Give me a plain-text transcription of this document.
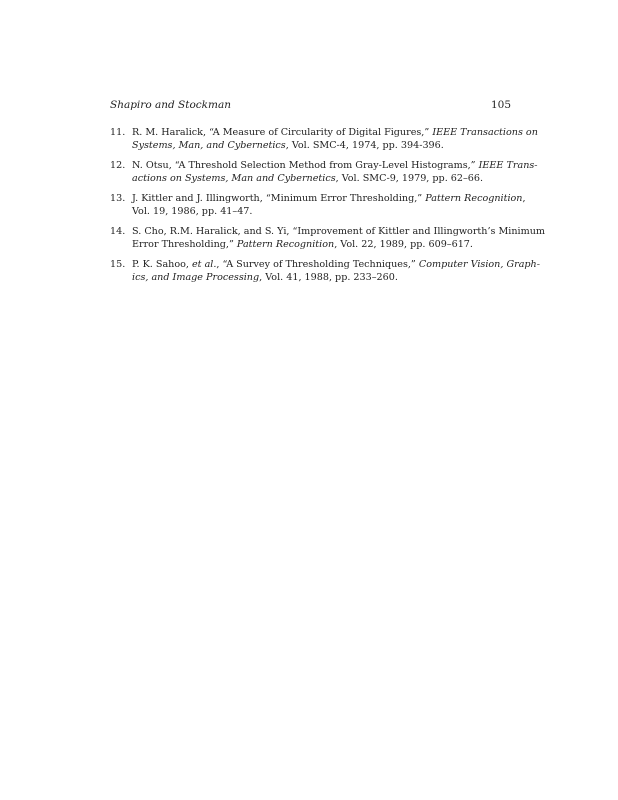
Shapiro and Stockman	105
11. R. M. Haralick, “A Measure of Circularity of Digital Figures,” IEEE Transactions on
Systems, Man, and Cybernetics, Vol. SMC-4, 1974, pp. 394-396.
12. N. Otsu, “A Threshold Selection Method from Gray-Level Histograms,” IEEE Trans-
actions on Systems, Man and Cybernetics, Vol. SMC-9, 1979, pp. 62–66.
13. J. Kittler and J. Illingworth, “Minimum Error Thresholding,” Pattern Recognition,
Vol. 19, 1986, pp. 41–47.
14. S. Cho, R.M. Haralick, and S. Yi, “Improvement of Kittler and Illingworth’s Minimum
Error Thresholding,” Pattern Recognition, Vol. 22, 1989, pp. 609–617.
15. P. K. Sahoo, et al., “A Survey of Thresholding Techniques,” Computer Vision, Graph-
ics, and Image Processing, Vol. 41, 1988, pp. 233–260.
